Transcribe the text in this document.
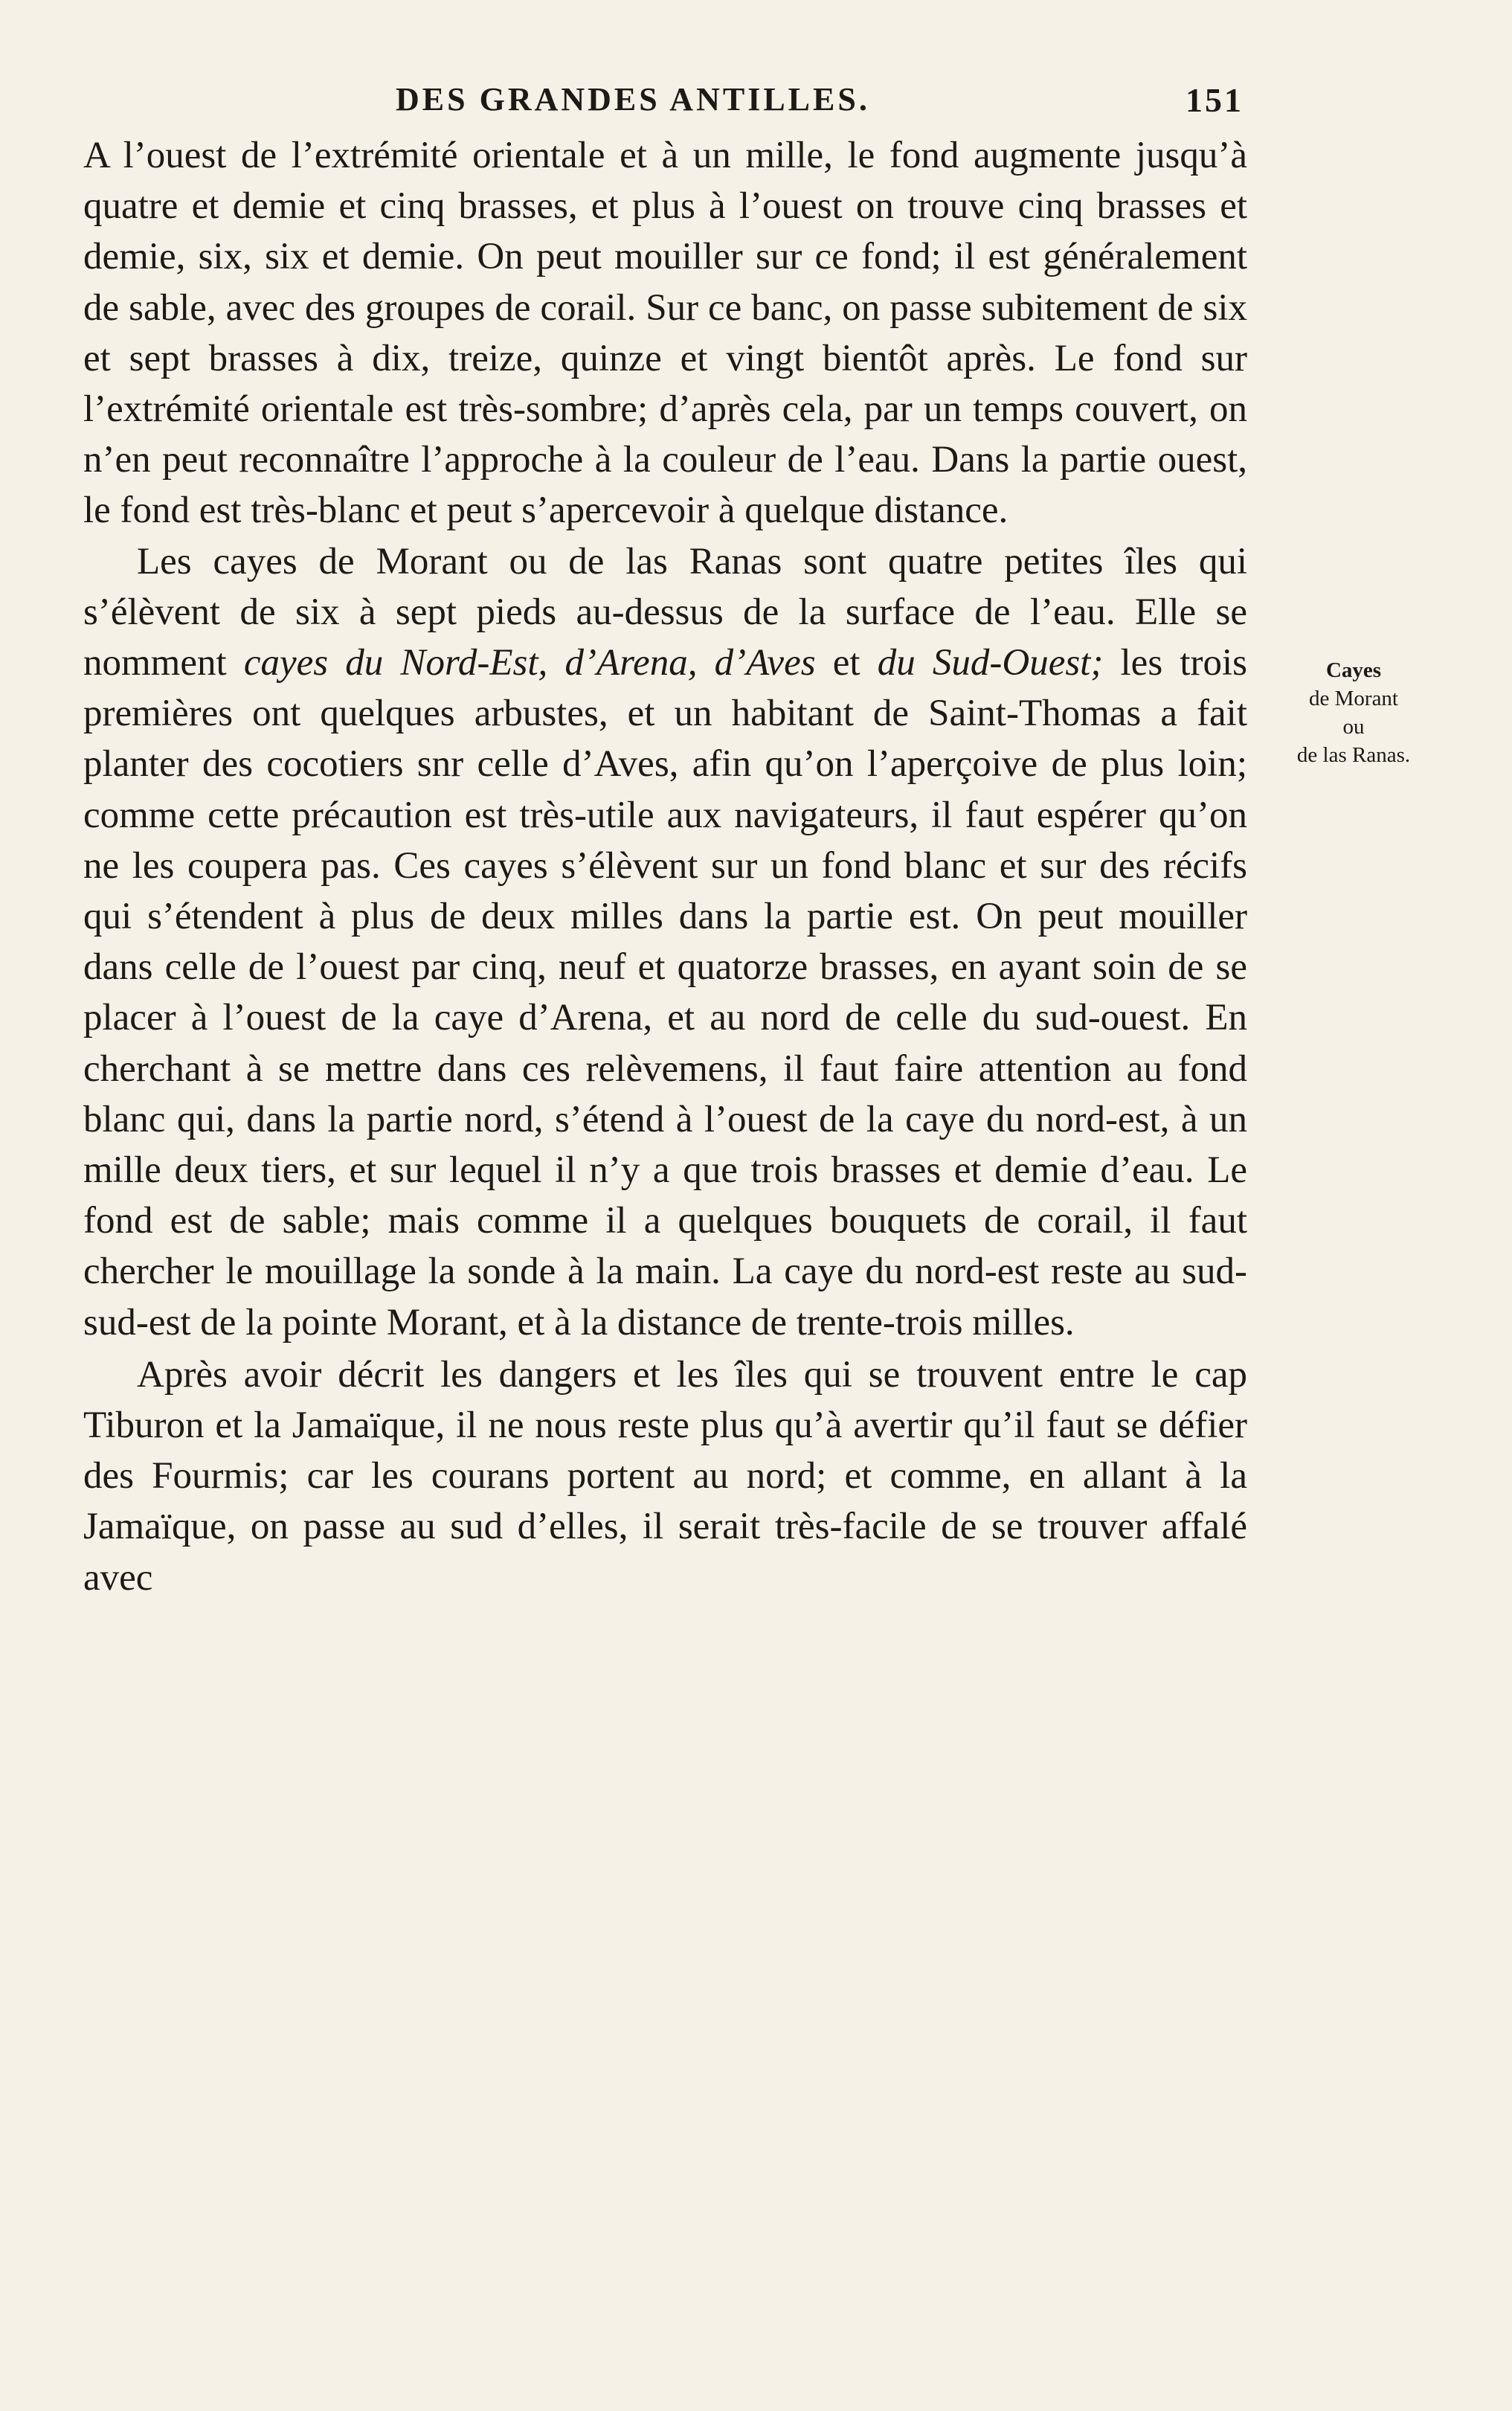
DES GRANDES ANTILLES.	151

A l’ouest de l’extrémité orientale et à un mille, le fond augmente jusqu’à quatre et demie et cinq brasses, et plus à l’ouest on trouve cinq brasses et demie, six, six et demie. On peut mouiller sur ce fond; il est généralement de sable, avec des groupes de corail. Sur ce banc, on passe subitement de six et sept brasses à dix, treize, quinze et vingt bientôt après. Le fond sur l’extrémité orientale est très-sombre; d’après cela, par un temps couvert, on n’en peut reconnaître l’approche à la couleur de l’eau. Dans la partie ouest, le fond est très-blanc et peut s’apercevoir à quelque distance.

Les cayes de Morant ou de las Ranas sont quatre petites îles qui s’élèvent de six à sept pieds au-dessus de la surface de l’eau. Elle se nomment cayes du Nord-Est, d’Arena, d’Aves et du Sud-Ouest; les trois premières ont quelques arbustes, et un habitant de Saint-Thomas a fait planter des cocotiers snr celle d’Aves, afin qu’on l’aperçoive de plus loin; comme cette précaution est très-utile aux navigateurs, il faut espérer qu’on ne les coupera pas. Ces cayes s’élèvent sur un fond blanc et sur des récifs qui s’étendent à plus de deux milles dans la partie est. On peut mouiller dans celle de l’ouest par cinq, neuf et quatorze brasses, en ayant soin de se placer à l’ouest de la caye d’Arena, et au nord de celle du sud-ouest. En cherchant à se mettre dans ces relèvemens, il faut faire attention au fond blanc qui, dans la partie nord, s’étend à l’ouest de la caye du nord-est, à un mille deux tiers, et sur lequel il n’y a que trois brasses et demie d’eau. Le fond est de sable; mais comme il a quelques bouquets de corail, il faut chercher le mouillage la sonde à la main. La caye du nord-est reste au sud-sud-est de la pointe Morant, et à la distance de trente-trois milles.

Après avoir décrit les dangers et les îles qui se trouvent entre le cap Tiburon et la Jamaïque, il ne nous reste plus qu’à avertir qu’il faut se défier des Fourmis; car les courans portent au nord; et comme, en allant à la Jamaïque, on passe au sud d’elles, il serait très-facile de se trouver affalé avec

Cayes
de Morant
ou
de las Ranas.
